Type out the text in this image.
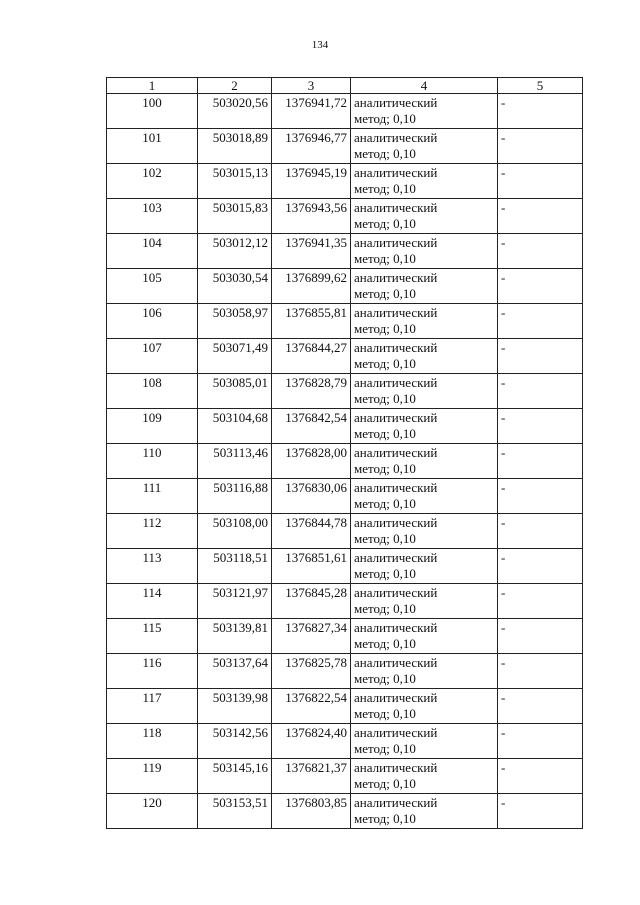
134
1	2	3	4	5
100	503020,56	1376941,72	аналитический
метод; 0,10	-
101	503018,89	1376946,77	аналитический
метод; 0,10	-
102	503015,13	1376945,19	аналитический
метод; 0,10	-
103	503015,83	1376943,56	аналитический
метод; 0,10	-
104	503012,12	1376941,35	аналитический
метод; 0,10	-
105	503030,54	1376899,62	аналитический
метод; 0,10	-
106	503058,97	1376855,81	аналитический
метод; 0,10	-
107	503071,49	1376844,27	аналитический
метод; 0,10	-
108	503085,01	1376828,79	аналитический
метод; 0,10	-
109	503104,68	1376842,54	аналитический
метод; 0,10	-
110	503113,46	1376828,00	аналитический
метод; 0,10	-
111	503116,88	1376830,06	аналитический
метод; 0,10	-
112	503108,00	1376844,78	аналитический
метод; 0,10	-
113	503118,51	1376851,61	аналитический
метод; 0,10	-
114	503121,97	1376845,28	аналитический
метод; 0,10	-
115	503139,81	1376827,34	аналитический
метод; 0,10	-
116	503137,64	1376825,78	аналитический
метод; 0,10	-
117	503139,98	1376822,54	аналитический
метод; 0,10	-
118	503142,56	1376824,40	аналитический
метод; 0,10	-
119	503145,16	1376821,37	аналитический
метод; 0,10	-
120	503153,51	1376803,85	аналитический
метод; 0,10	-
